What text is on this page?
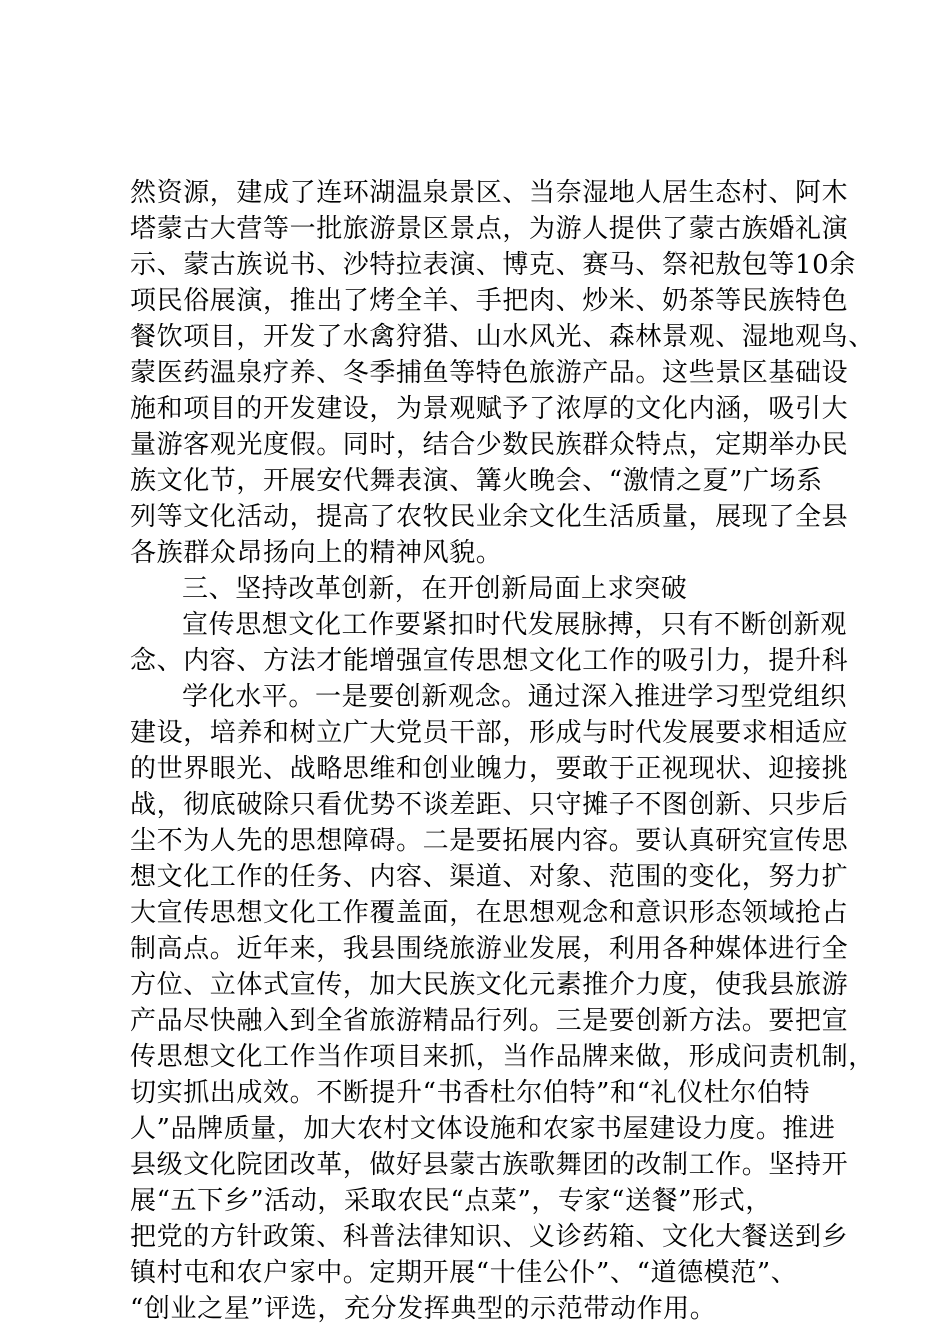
然资源，建成了连环湖温泉景区、当奈湿地人居生态村、阿木
塔蒙古大营等一批旅游景区景点，为游人提供了蒙古族婚礼演
示、蒙古族说书、沙特拉表演、博克、赛马、祭祀敖包等10余
项民俗展演，推出了烤全羊、手把肉、炒米、奶茶等民族特色
餐饮项目，开发了水禽狩猎、山水风光、森林景观、湿地观鸟、
蒙医药温泉疗养、冬季捕鱼等特色旅游产品。这些景区基础设
施和项目的开发建设，为景观赋予了浓厚的文化内涵，吸引大
量游客观光度假。同时，结合少数民族群众特点，定期举办民
族文化节，开展安代舞表演、篝火晚会、“激情之夏”广场系
列等文化活动，提高了农牧民业余文化生活质量，展现了全县
各族群众昂扬向上的精神风貌。
三、坚持改革创新，在开创新局面上求突破
宣传思想文化工作要紧扣时代发展脉搏，只有不断创新观
念、内容、方法才能增强宣传思想文化工作的吸引力，提升科
学化水平。一是要创新观念。通过深入推进学习型党组织
建设，培养和树立广大党员干部，形成与时代发展要求相适应
的世界眼光、战略思维和创业魄力，要敢于正视现状、迎接挑
战，彻底破除只看优势不谈差距、只守摊子不图创新、只步后
尘不为人先的思想障碍。二是要拓展内容。要认真研究宣传思
想文化工作的任务、内容、渠道、对象、范围的变化，努力扩
大宣传思想文化工作覆盖面，在思想观念和意识形态领域抢占
制高点。近年来，我县围绕旅游业发展，利用各种媒体进行全
方位、立体式宣传，加大民族文化元素推介力度，使我县旅游
产品尽快融入到全省旅游精品行列。三是要创新方法。要把宣
传思想文化工作当作项目来抓，当作品牌来做，形成问责机制，
切实抓出成效。不断提升“书香杜尔伯特”和“礼仪杜尔伯特
人”品牌质量，加大农村文体设施和农家书屋建设力度。推进
县级文化院团改革，做好县蒙古族歌舞团的改制工作。坚持开
展“五下乡”活动，采取农民“点菜”，专家“送餐”形式，
把党的方针政策、科普法律知识、义诊药箱、文化大餐送到乡
镇村屯和农户家中。定期开展“十佳公仆”、“道德模范”、
“创业之星”评选，充分发挥典型的示范带动作用。
